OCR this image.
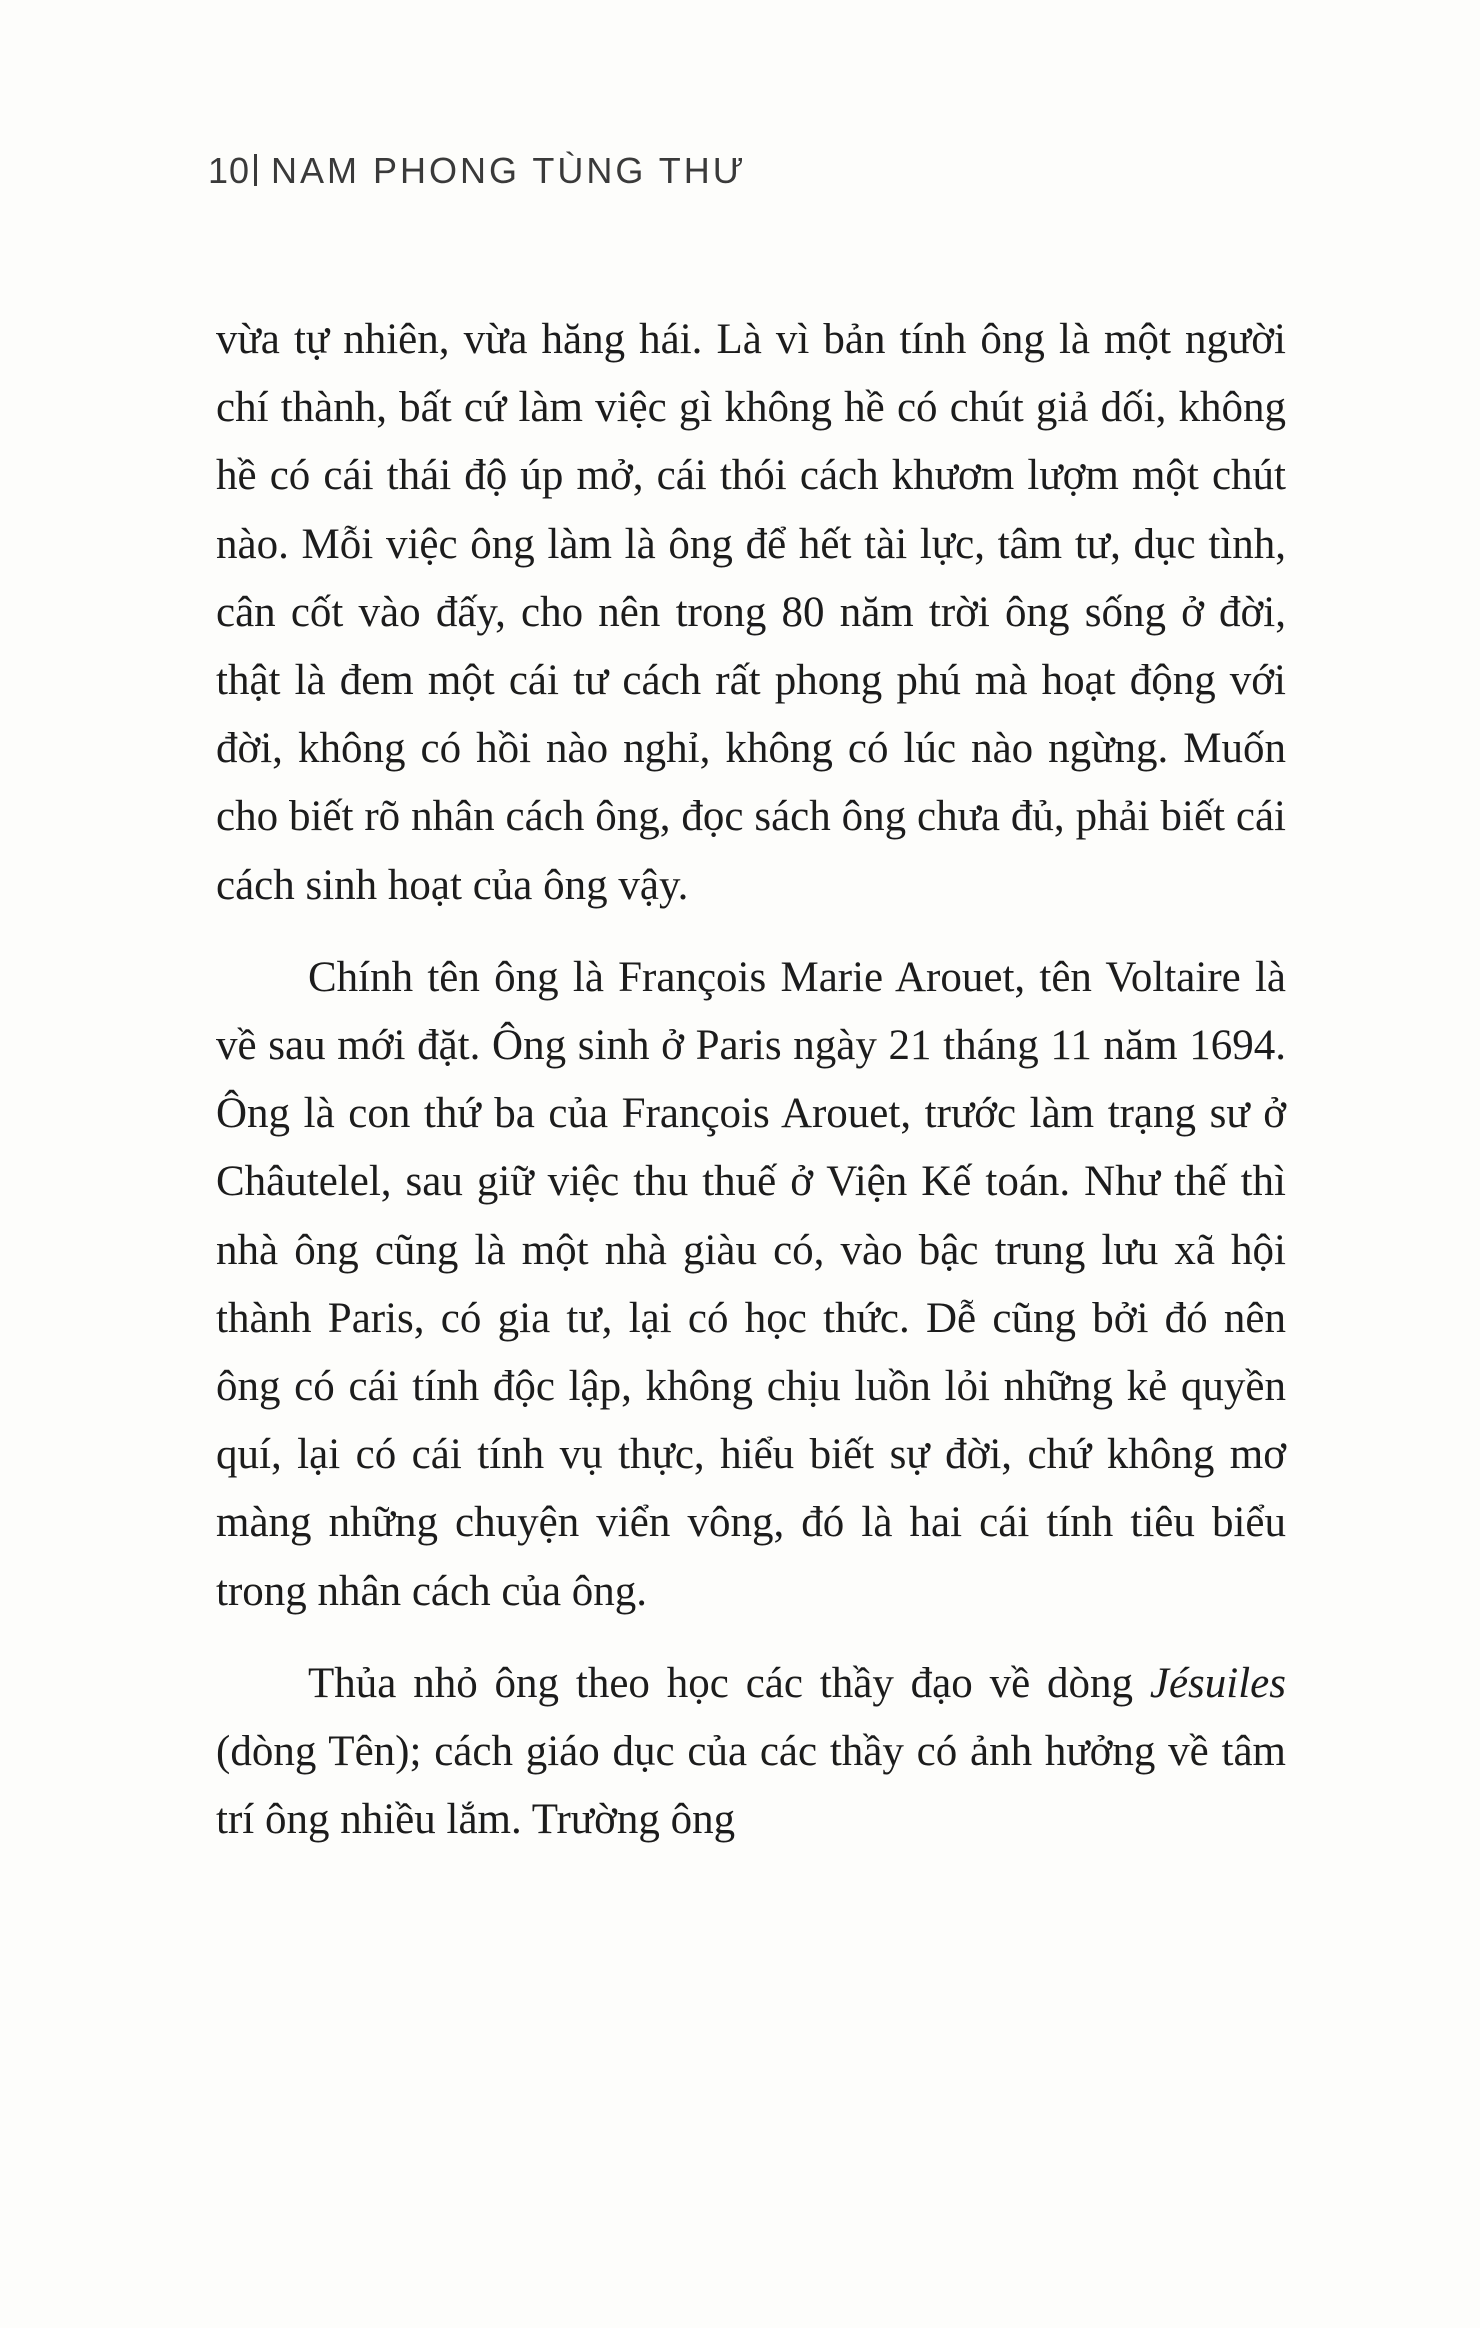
10 NAM PHONG TÙNG THƯ

vừa tự nhiên, vừa hăng hái. Là vì bản tính ông là một người chí thành, bất cứ làm việc gì không hề có chút giả dối, không hề có cái thái độ úp mở, cái thói cách khươm lượm một chút nào. Mỗi việc ông làm là ông để hết tài lực, tâm tư, dục tình, cân cốt vào đấy, cho nên trong 80 năm trời ông sống ở đời, thật là đem một cái tư cách rất phong phú mà hoạt động với đời, không có hồi nào nghỉ, không có lúc nào ngừng. Muốn cho biết rõ nhân cách ông, đọc sách ông chưa đủ, phải biết cái cách sinh hoạt của ông vậy.

Chính tên ông là François Marie Arouet, tên Voltaire là về sau mới đặt. Ông sinh ở Paris ngày 21 tháng 11 năm 1694. Ông là con thứ ba của François Arouet, trước làm trạng sư ở Châutelel, sau giữ việc thu thuế ở Viện Kế toán. Như thế thì nhà ông cũng là một nhà giàu có, vào bậc trung lưu xã hội thành Paris, có gia tư, lại có học thức. Dễ cũng bởi đó nên ông có cái tính độc lập, không chịu luồn lỏi những kẻ quyền quí, lại có cái tính vụ thực, hiểu biết sự đời, chứ không mơ màng những chuyện viển vông, đó là hai cái tính tiêu biểu trong nhân cách của ông.

Thủa nhỏ ông theo học các thầy đạo về dòng Jésuiles (dòng Tên); cách giáo dục của các thầy có ảnh hưởng về tâm trí ông nhiều lắm. Trường ông
